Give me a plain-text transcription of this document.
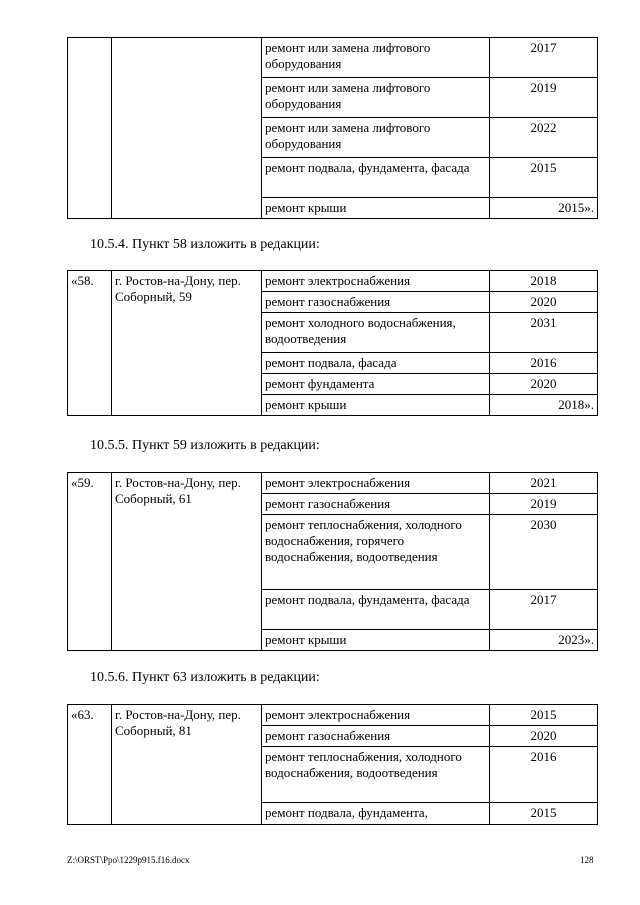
		ремонт или замена лифтового оборудования	2017
		ремонт или замена лифтового оборудования	2019
		ремонт или замена лифтового оборудования	2022
		ремонт подвала, фундамента, фасада	2015
		ремонт крыши	2015».
10.5.4. Пункт 58 изложить в редакции:
«58.	г. Ростов-на-Дону, пер. Соборный, 59	ремонт электроснабжения	2018
		ремонт газоснабжения	2020
		ремонт холодного водоснабжения, водоотведения	2031
		ремонт подвала, фасада	2016
		ремонт фундамента	2020
		ремонт крыши	2018».
10.5.5. Пункт 59 изложить в редакции:
«59.	г. Ростов-на-Дону, пер. Соборный, 61	ремонт электроснабжения	2021
		ремонт газоснабжения	2019
		ремонт теплоснабжения, холодного водоснабжения, горячего водоснабжения, водоотведения	2030
		ремонт подвала, фундамента, фасада	2017
		ремонт крыши	2023».
10.5.6. Пункт 63 изложить в редакции:
«63.	г. Ростов-на-Дону, пер. Соборный, 81	ремонт электроснабжения	2015
		ремонт газоснабжения	2020
		ремонт теплоснабжения, холодного водоснабжения, водоотведения	2016
		ремонт подвала, фундамента,	2015
Z:\ORST\Ppo\1229p915.f16.docx	128
